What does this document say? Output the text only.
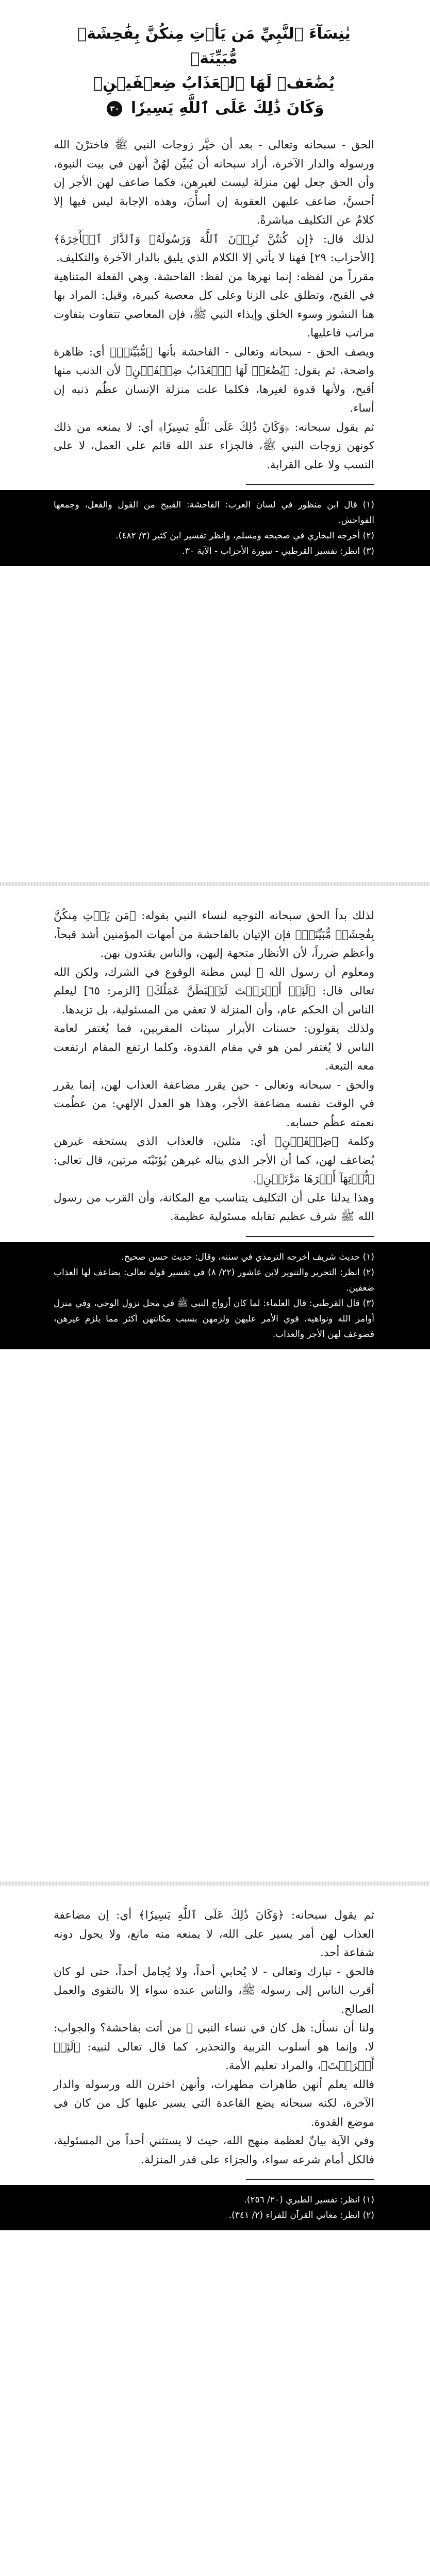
يٰنِسَآءَ ٱلنَّبِيِّ مَن يَأۡتِ مِنكُنَّ بِفَٰحِشَةٖ مُّبَيِّنَةٖ
يُضَٰعَفۡ لَهَا ٱلۡعَذَابُ ضِعۡفَيۡنِۚ
وَكَانَ ذَٰلِكَ عَلَى ٱللَّهِ يَسِيرٗا ٣٠

الحق - سبحانه وتعالى - بعد أن خيَّر زوجات النبي ﷺ فاخترْنَ الله ورسوله والدار الآخرة، أراد سبحانه أن يُبيِّن لهُنَّ أنهن في بيت النبوة، وأن الحق جعل لهن منزلة ليست لغيرهن، فكما ضاعف لهن الأجر إن أحسنَّ، ضاعف عليهن العقوبة إن أسأْنَ، وهذه الإجابة ليس فيها إلا كلامٌ عن التكليف مباشرةً.

لذلك قال: ﴿إِن كُنتُنَّ تُرِدۡنَ ٱللَّهَ وَرَسُولَهُۥ وَٱلدَّارَ ٱلۡأٓخِرَةَ﴾ [الأحزاب: ٢٩] فهنا لا يأتي إلا الكلام الذي يليق بالدار الآخرة والتكليف.

مقرراً من لفظه: إنما نهرها من لفظ: الفاحشة، وهي الفعلة المتناهية في القبح، وتطلق على الزنا وعلى كل معصية كبيرة، وقيل: المراد بها هنا النشوز وسوء الخلق وإيذاء النبي ﷺ، فإن المعاصي تتفاوت بتفاوت مراتب فاعليها.

ويصف الحق - سبحانه وتعالى - الفاحشة بأنها ﴿مُّبَيِّنَةٖ﴾ أي: ظاهرة واضحة، ثم يقول: ﴿يُضَٰعَفۡ لَهَا ٱلۡعَذَابُ ضِعۡفَيۡنِ﴾ لأن الذنب منها أقبح، ولأنها قدوة لغيرها، فكلما علت منزلة الإنسان عظُم ذنبه إن أساء.

ثم يقول سبحانه: ﴿وَكَانَ ذَٰلِكَ عَلَى ٱللَّهِ يَسِيرٗا﴾ أي: لا يمنعه من ذلك كونهن زوجات النبي ﷺ، فالجزاء عند الله قائم على العمل، لا على النسب ولا على القرابة.

(١) قال ابن منظور في لسان العرب: الفاحشة: القبيح من القول والفعل، وجمعها الفواحش.
(٢) أخرجه البخاري في صحيحه ومسلم، وانظر تفسير ابن كثير (٣/ ٤٨٢).
(٣) انظر: تفسير القرطبي - سورة الأحزاب - الآية ٣٠.

لذلك بدأ الحق سبحانه التوجيه لنساء النبي بقوله: ﴿مَن يَأۡتِ مِنكُنَّ بِفَٰحِشَةٖ مُّبَيِّنَةٖ﴾ فإن الإتيان بالفاحشة من أمهات المؤمنين أشد قبحاً، وأعظم ضرراً، لأن الأنظار متجهة إليهن، والناس يقتدون بهن.

ومعلوم أن رسول الله ﷺ ليس مظنة الوقوع في الشرك، ولكن الله تعالى قال: ﴿لَئِنۡ أَشۡرَكۡتَ لَيَحۡبَطَنَّ عَمَلُكَ﴾ [الزمر: ٦٥] ليعلم الناس أن الحكم عام، وأن المنزلة لا تعفي من المسئولية، بل تزيدها.

ولذلك يقولون: حسنات الأبرار سيئات المقربين، فما يُغتفر لعامة الناس لا يُغتفر لمن هو في مقام القدوة، وكلما ارتفع المقام ارتفعت معه التبعة.

والحق - سبحانه وتعالى - حين يقرر مضاعفة العذاب لهن، إنما يقرر في الوقت نفسه مضاعفة الأجر، وهذا هو العدل الإلهي: من عظُمت نعمته عظُم حسابه.

وكلمة ﴿ضِعۡفَيۡنِ﴾ أي: مثلين، فالعذاب الذي يستحقه غيرهن يُضاعف لهن، كما أن الأجر الذي يناله غيرهن يُؤتَيْنَه مرتين، قال تعالى: ﴿نُّؤۡتِهَآ أَجۡرَهَا مَرَّتَيۡنِ﴾.

وهذا يدلنا على أن التكليف يتناسب مع المكانة، وأن القرب من رسول الله ﷺ شرف عظيم تقابله مسئولية عظيمة.

(١) حديث شريف أخرجه الترمذي في سننه، وقال: حديث حسن صحيح.
(٢) انظر: التحرير والتنوير لابن عاشور (٢٢/ ٨) في تفسير قوله تعالى: يضاعف لها العذاب ضعفين.
(٣) قال القرطبي: قال العلماء: لما كان أزواج النبي ﷺ في محل نزول الوحي، وفي منزل أوامر الله ونواهيه، قوي الأمر عليهن ولزمهن بسبب مكانتهن أكثر مما يلزم غيرهن، فضوعف لهن الأجر والعذاب.

ثم يقول سبحانه: ﴿وَكَانَ ذَٰلِكَ عَلَى ٱللَّهِ يَسِيرٗا﴾ أي: إن مضاعفة العذاب لهن أمر يسير على الله، لا يمنعه منه مانع، ولا يحول دونه شفاعة أحد.

فالحق - تبارك وتعالى - لا يُحابي أحداً، ولا يُجامل أحداً، حتى لو كان أقرب الناس إلى رسوله ﷺ، والناس عنده سواء إلا بالتقوى والعمل الصالح.

ولنا أن نسأل: هل كان في نساء النبي ﷺ من أتت بفاحشة؟ والجواب: لا، وإنما هو أسلوب التربية والتحذير، كما قال تعالى لنبيه: ﴿لَئِنۡ أَشۡرَكۡتَ﴾، والمراد تعليم الأمة.

فالله يعلم أنهن طاهرات مطهرات، وأنهن اخترن الله ورسوله والدار الآخرة، لكنه سبحانه يضع القاعدة التي يسير عليها كل من كان في موضع القدوة.

وفي الآية بيانٌ لعظمة منهج الله، حيث لا يستثني أحداً من المسئولية، فالكل أمام شرعه سواء، والجزاء على قدر المنزلة.

(١) انظر: تفسير الطبري (٢٠/ ٢٥٦).
(٢) انظر: معاني القرآن للفراء (٢/ ٣٤١).
